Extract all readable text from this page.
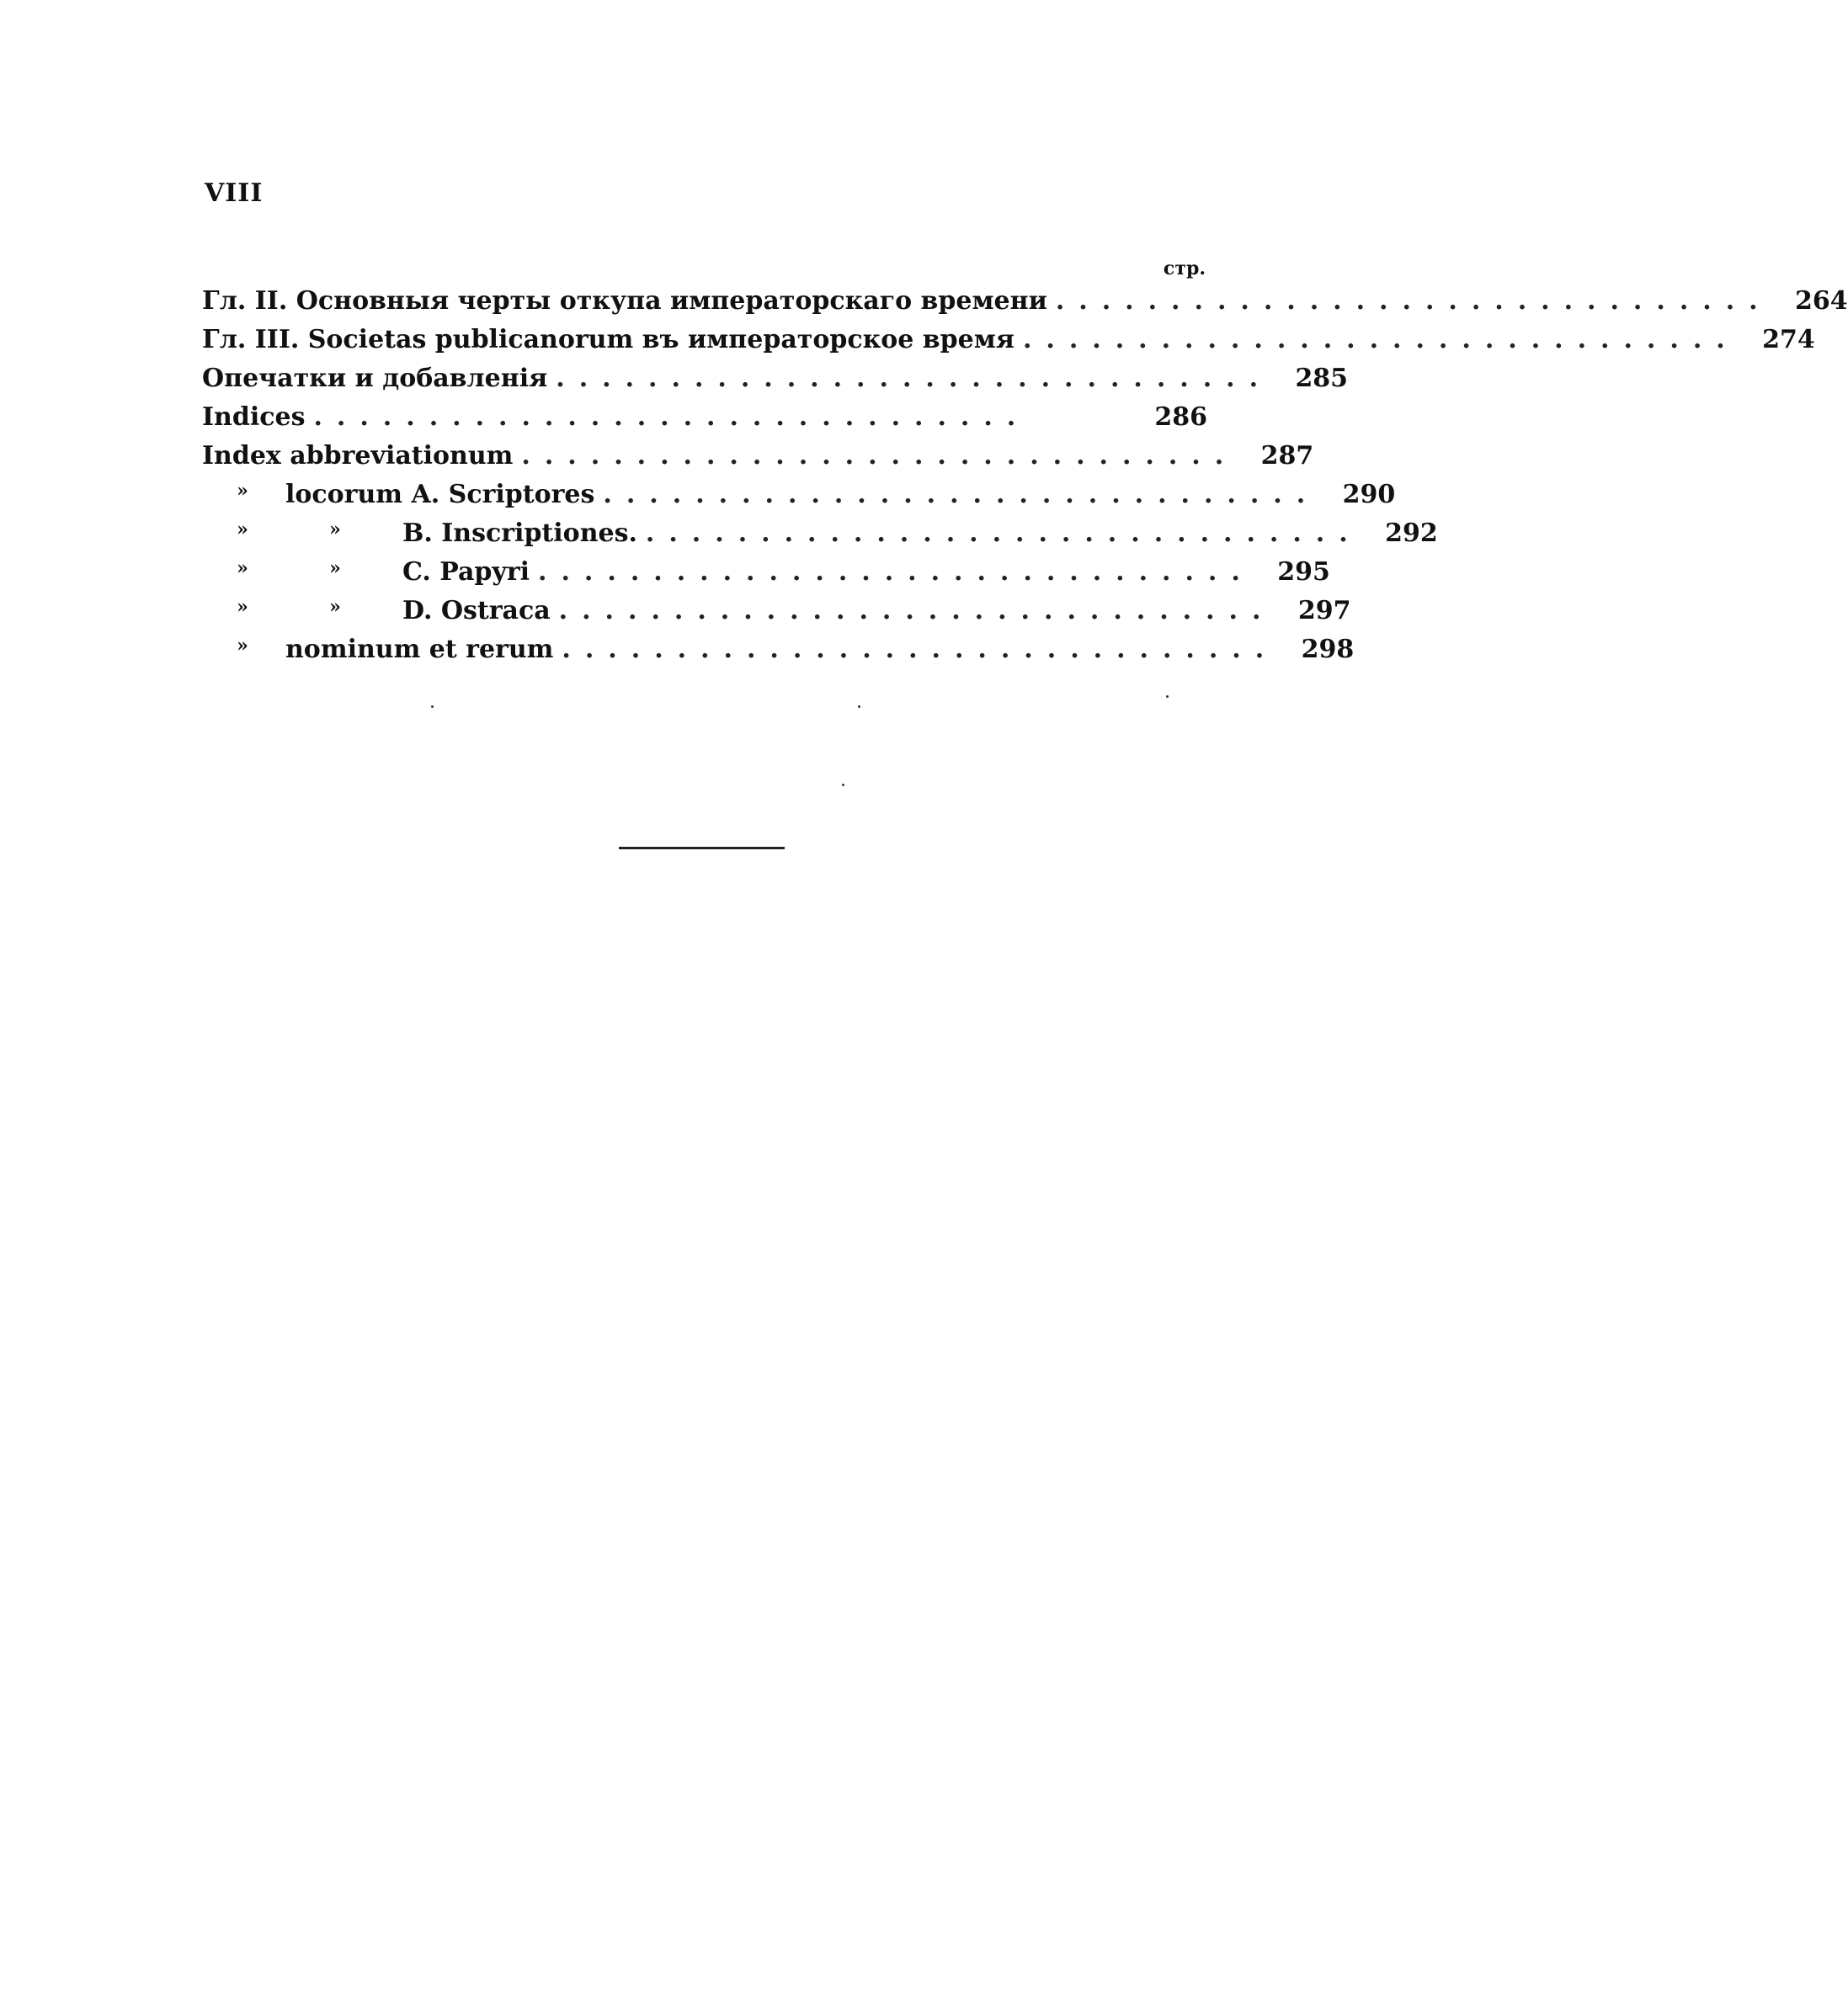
VIII
стр.
Гл. II. Основныя черты откупа императорскаго времени ............................... 264
Гл. III. Societas publicanorum въ императорское время ............................... 274
Опечатки и добавленія ............................... 285
Indices ...............................	286
Index abbreviationum ............................... 287
» locorum A. Scriptores ............................... 290
»	» B. Inscriptiones. ............................... 292
»	» C. Papyri ............................... 295
»	» D. Ostraca ............................... 297
» nominum et rerum ............................... 298
